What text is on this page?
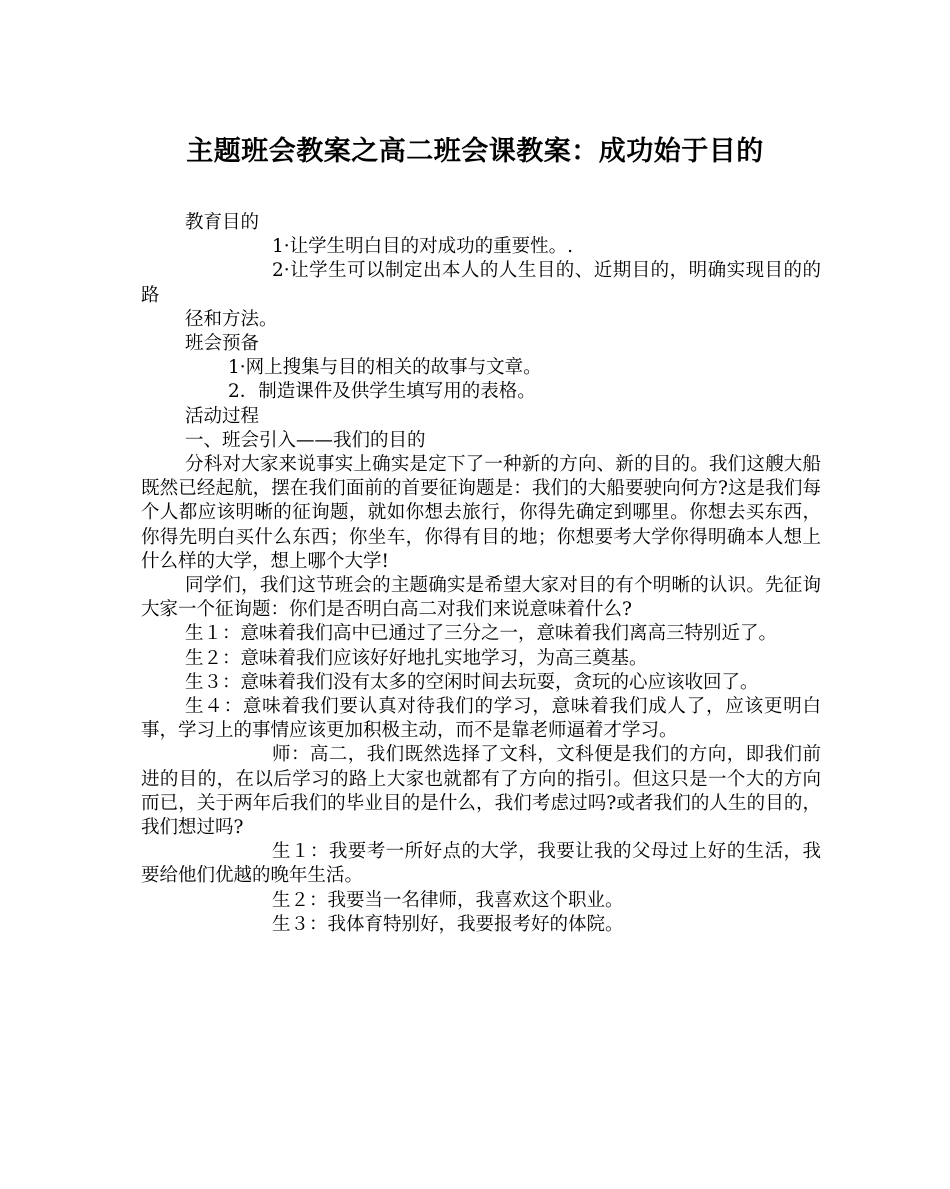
主题班会教案之高二班会课教案：成功始于目的

教育目的

1·让学生明白目的对成功的重要性。.

2·让学生可以制定出本人的人生目的、近期目的，明确实现目的的路

径和方法。

班会预备

1·网上搜集与目的相关的故事与文章。

2．制造课件及供学生填写用的表格。

活动过程

一、班会引入——我们的目的

分科对大家来说事实上确实是定下了一种新的方向、新的目的。我们这艘大船既然已经起航，摆在我们面前的首要征询题是：我们的大船要驶向何方?这是我们每个人都应该明晰的征询题，就如你想去旅行，你得先确定到哪里。你想去买东西，你得先明白买什么东西；你坐车，你得有目的地；你想要考大学你得明确本人想上什么样的大学，想上哪个大学!

同学们，我们这节班会的主题确实是希望大家对目的有个明晰的认识。先征询大家一个征询题：你们是否明白高二对我们来说意味着什么?

生１：意味着我们高中已通过了三分之一，意味着我们离高三特别近了。

生２：意味着我们应该好好地扎实地学习，为高三奠基。

生３：意味着我们没有太多的空闲时间去玩耍，贪玩的心应该收回了。

生４：意味着我们要认真对待我们的学习，意味着我们成人了，应该更明白事，学习上的事情应该更加积极主动，而不是靠老师逼着才学习。

师：高二，我们既然选择了文科，文科便是我们的方向，即我们前进的目的，在以后学习的路上大家也就都有了方向的指引。但这只是一个大的方向而已，关于两年后我们的毕业目的是什么，我们考虑过吗?或者我们的人生的目的，我们想过吗?

生１：我要考一所好点的大学，我要让我的父母过上好的生活，我要给他们优越的晚年生活。

生２：我要当一名律师，我喜欢这个职业。

生３：我体育特别好，我要报考好的体院。
